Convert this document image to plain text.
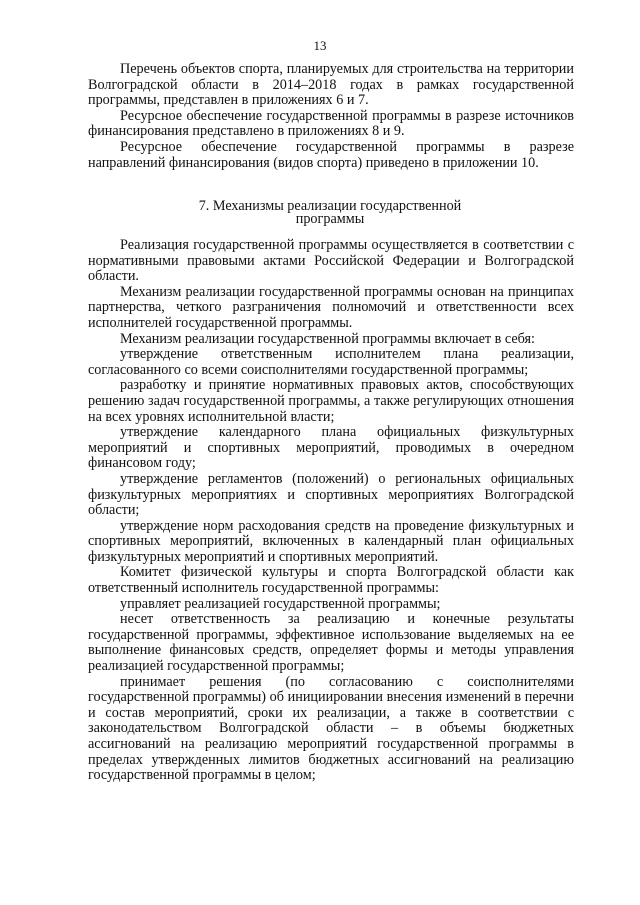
13

Перечень объектов спорта, планируемых для строительства на территории Волгоградской области в 2014–2018 годах в рамках государственной программы, представлен в приложениях 6 и 7.

Ресурсное обеспечение государственной программы в разрезе источников финансирования представлено в приложениях 8 и 9.

Ресурсное обеспечение государственной программы в разрезе направлений финансирования (видов спорта) приведено в приложении 10.

7. Механизмы реализации государственной
программы

Реализация государственной программы осуществляется в соответствии с нормативными правовыми актами Российской Федерации и Волгоградской области.

Механизм реализации государственной программы основан на принципах партнерства, четкого разграничения полномочий и ответственности всех исполнителей государственной программы.

Механизм реализации государственной программы включает в себя:

утверждение ответственным исполнителем плана реализации, согласованного со всеми соисполнителями государственной программы;

разработку и принятие нормативных правовых актов, способствующих решению задач государственной программы, а также регулирующих отношения на всех уровнях исполнительной власти;

утверждение календарного плана официальных физкультурных мероприятий и спортивных мероприятий, проводимых в очередном финансовом году;

утверждение регламентов (положений) о региональных официальных физкультурных мероприятиях и спортивных мероприятиях Волгоградской области;

утверждение норм расходования средств на проведение физкультурных и спортивных мероприятий, включенных в календарный план официальных физкультурных мероприятий и спортивных мероприятий.

Комитет физической культуры и спорта Волгоградской области как ответственный исполнитель государственной программы:

управляет реализацией государственной программы;

несет ответственность за реализацию и конечные результаты государственной программы, эффективное использование выделяемых на ее выполнение финансовых средств, определяет формы и методы управления реализацией государственной программы;

принимает решения (по согласованию с соисполнителями государственной программы) об инициировании внесения изменений в перечни и состав мероприятий, сроки их реализации, а также в соответствии с законодательством Волгоградской области – в объемы бюджетных ассигнований на реализацию мероприятий государственной программы в пределах утвержденных лимитов бюджетных ассигнований на реализацию государственной программы в целом;
